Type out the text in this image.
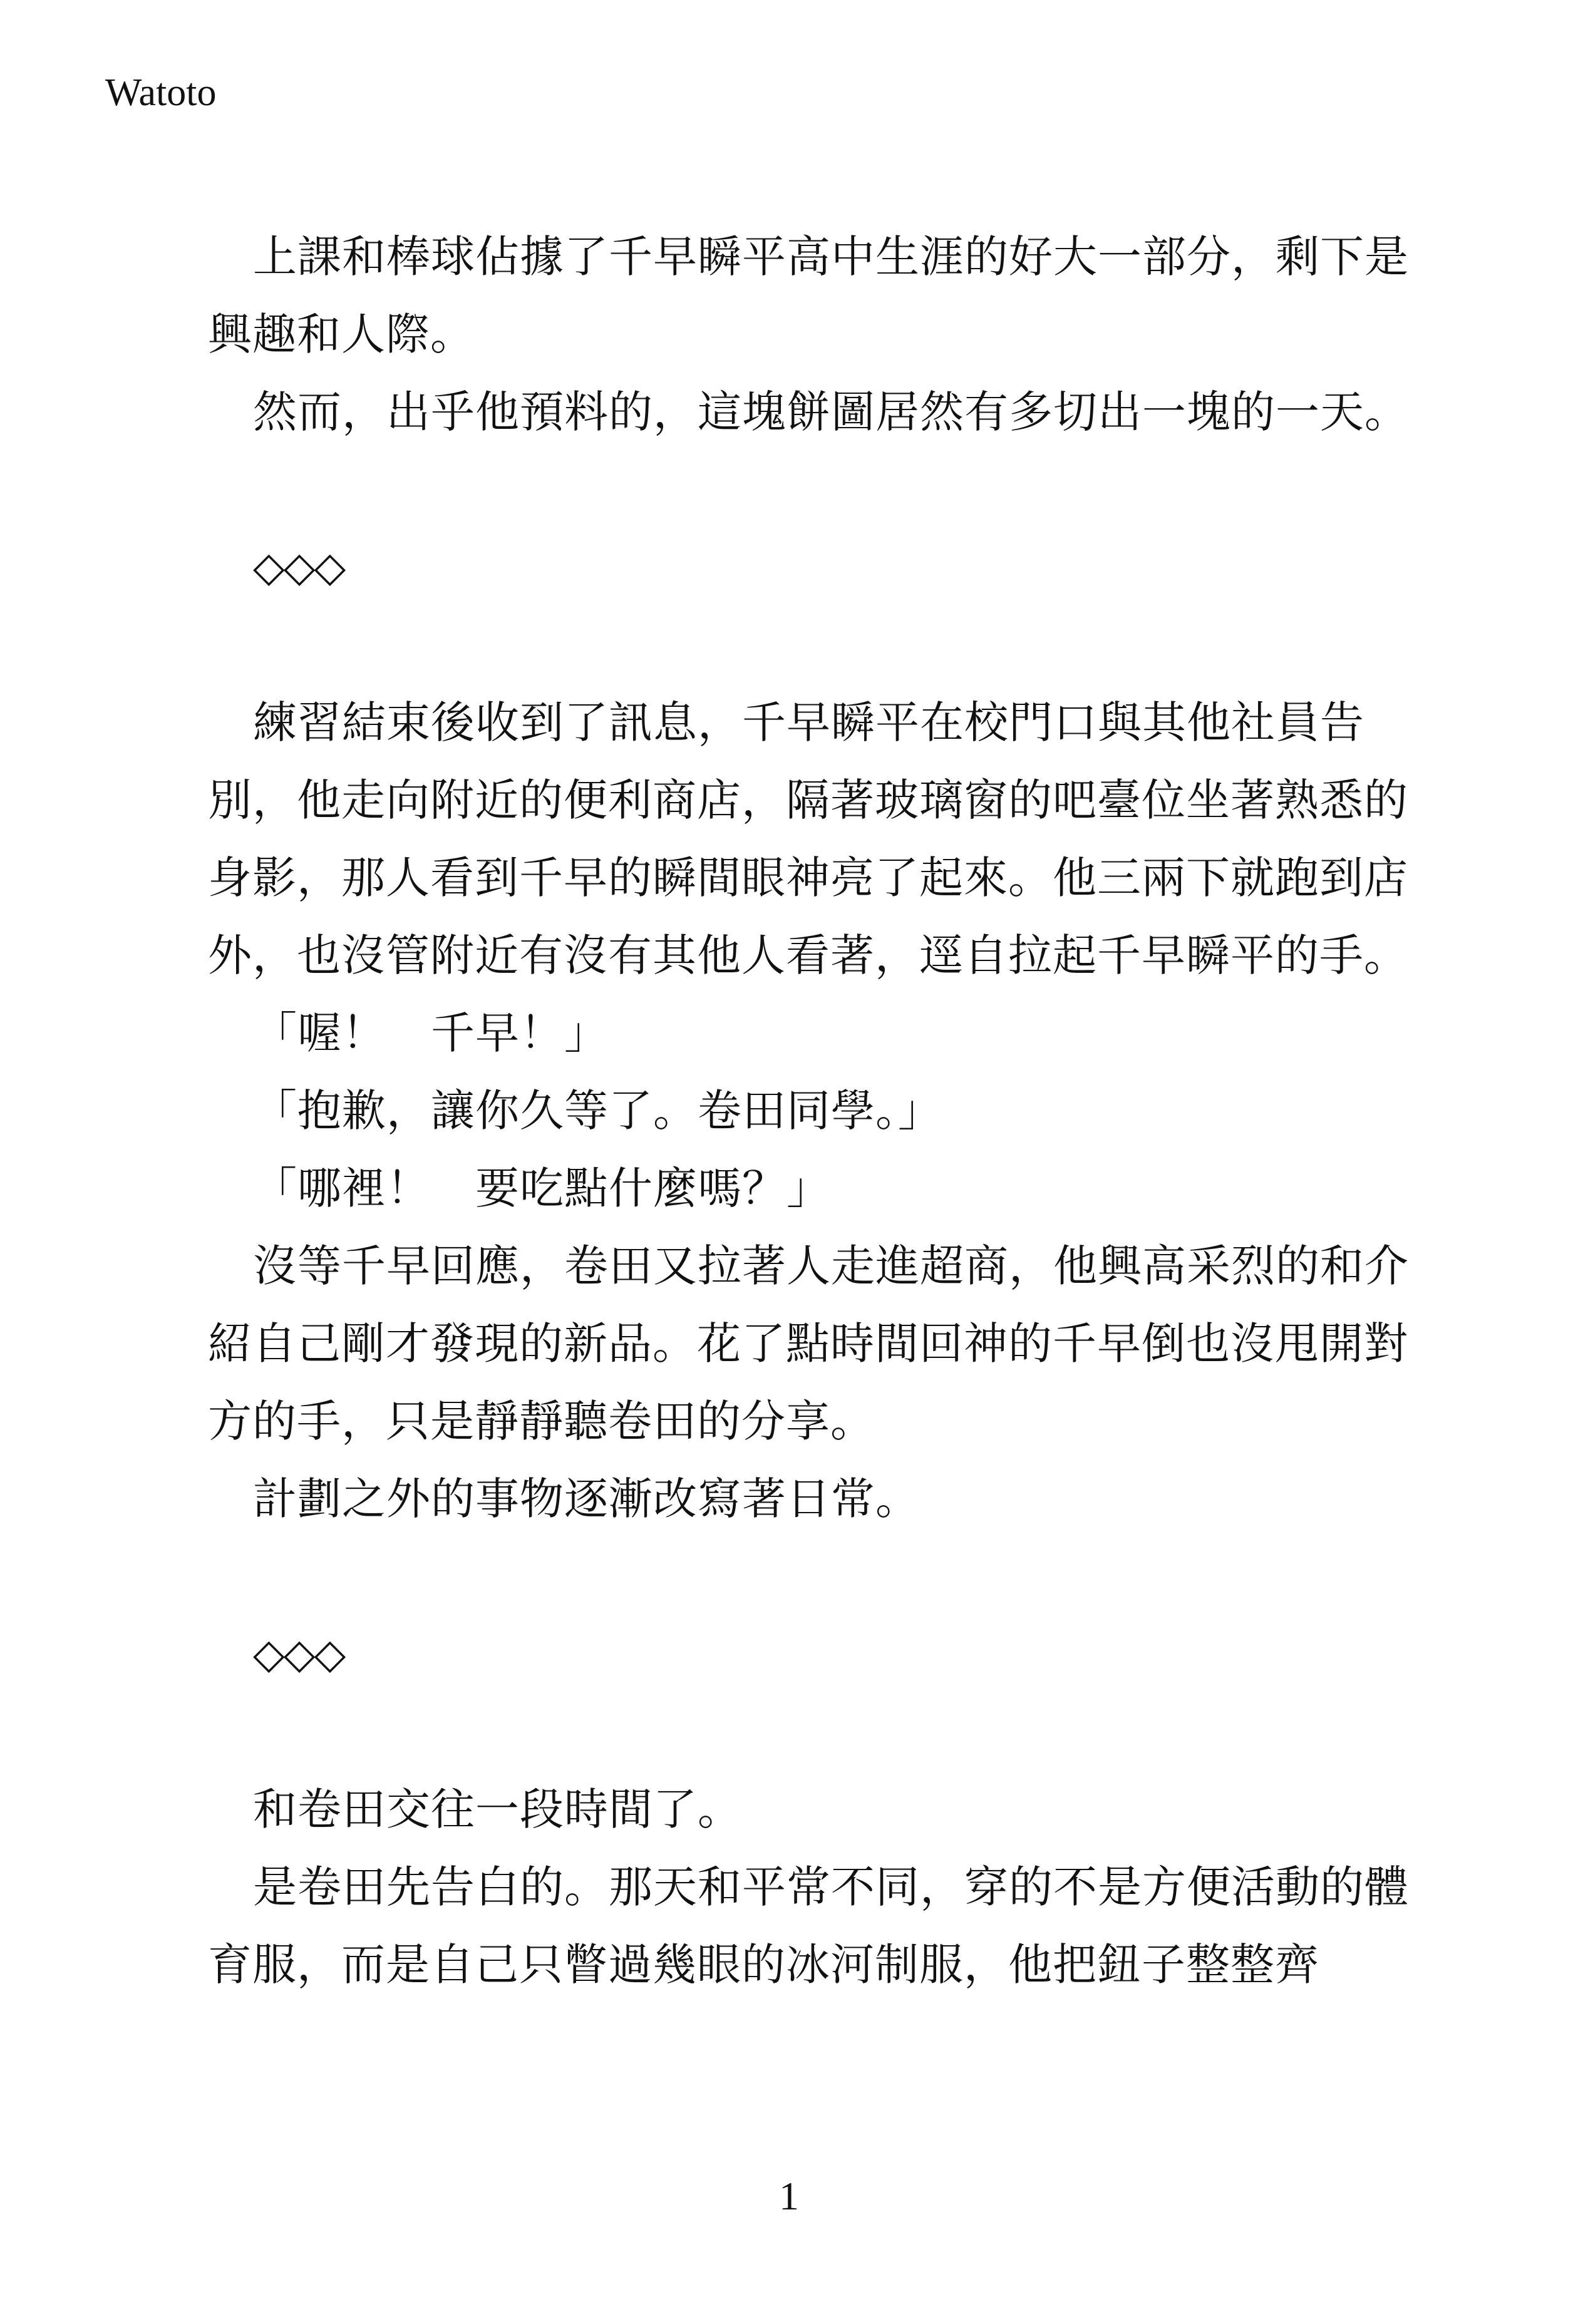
Watoto

上課和棒球佔據了千早瞬平高中生涯的好大一部分，剩下是興趣和人際。

然而，出乎他預料的，這塊餅圖居然有多切出一塊的一天。

◇◇◇

練習結束後收到了訊息，千早瞬平在校門口與其他社員告別，他走向附近的便利商店，隔著玻璃窗的吧臺位坐著熟悉的身影，那人看到千早的瞬間眼神亮了起來。他三兩下就跑到店外，也沒管附近有沒有其他人看著，逕自拉起千早瞬平的手。

「喔！　千早！」

「抱歉，讓你久等了。卷田同學。」

「哪裡！　要吃點什麼嗎？」

沒等千早回應，卷田又拉著人走進超商，他興高采烈的和介紹自己剛才發現的新品。花了點時間回神的千早倒也沒甩開對方的手，只是靜靜聽卷田的分享。

計劃之外的事物逐漸改寫著日常。

◇◇◇

和卷田交往一段時間了。

是卷田先告白的。那天和平常不同，穿的不是方便活動的體育服，而是自己只瞥過幾眼的冰河制服，他把鈕子整整齊

1
